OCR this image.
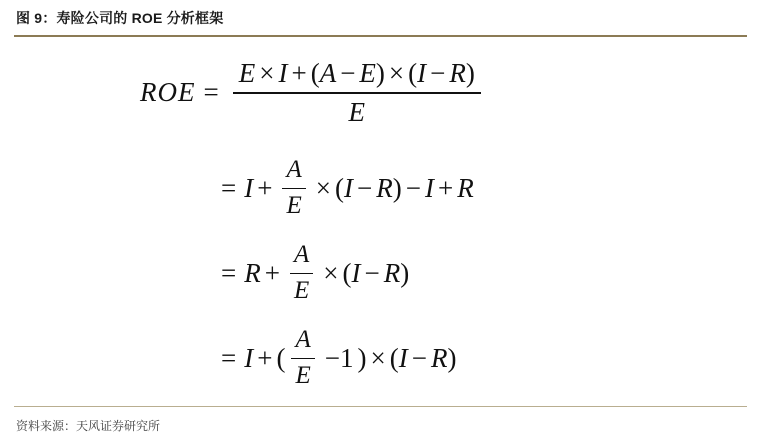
图 9：寿险公司的 ROE 分析框架
ROE = $\frac{E \times I + (A - E) \times (I - R)}{E}$
= $I + \frac{A}{E}$ × ( I − R ) − I + R
= $R + \frac{A}{E}$ × ( I − R )
= I + ( $\frac{A}{E} -1$ ) × ( I − R )
资料来源：天风证券研究所
